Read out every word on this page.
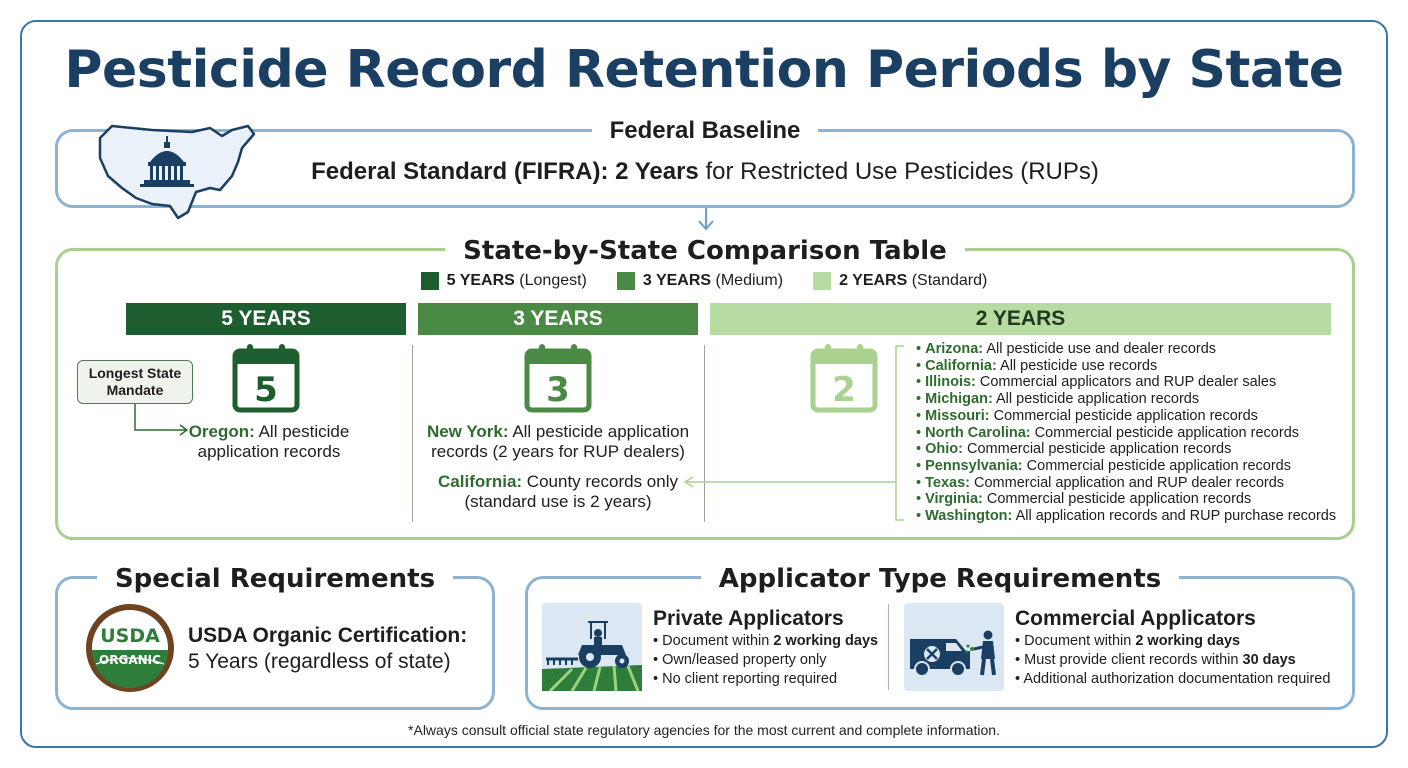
Pesticide Record Retention Periods by State
Federal Baseline
Federal Standard (FIFRA): 2 Years for Restricted Use Pesticides (RUPs)
State-by-State Comparison Table
5 YEARS (Longest)	3 YEARS (Medium)	2 YEARS (Standard)
5 YEARS	3 YEARS	2 YEARS
5	3	2
Longest State Mandate
Oregon: All pesticide application records
New York: All pesticide application records (2 years for RUP dealers)
California: County records only (standard use is 2 years)
• Arizona: All pesticide use and dealer records
• California: All pesticide use records
• Illinois: Commercial applicators and RUP dealer sales
• Michigan: All pesticide application records
• Missouri: Commercial pesticide application records
• North Carolina: Commercial pesticide application records
• Ohio: Commercial pesticide application records
• Pennsylvania: Commercial pesticide application records
• Texas: Commercial application and RUP dealer records
• Virginia: Commercial pesticide application records
• Washington: All application records and RUP purchase records
Special Requirements
USDA
ORGANIC
USDA Organic Certification:
5 Years (regardless of state)
Applicator Type Requirements
Private Applicators
• Document within 2 working days
• Own/leased property only
• No client reporting required
Commercial Applicators
• Document within 2 working days
• Must provide client records within 30 days
• Additional authorization documentation required
*Always consult official state regulatory agencies for the most current and complete information.
